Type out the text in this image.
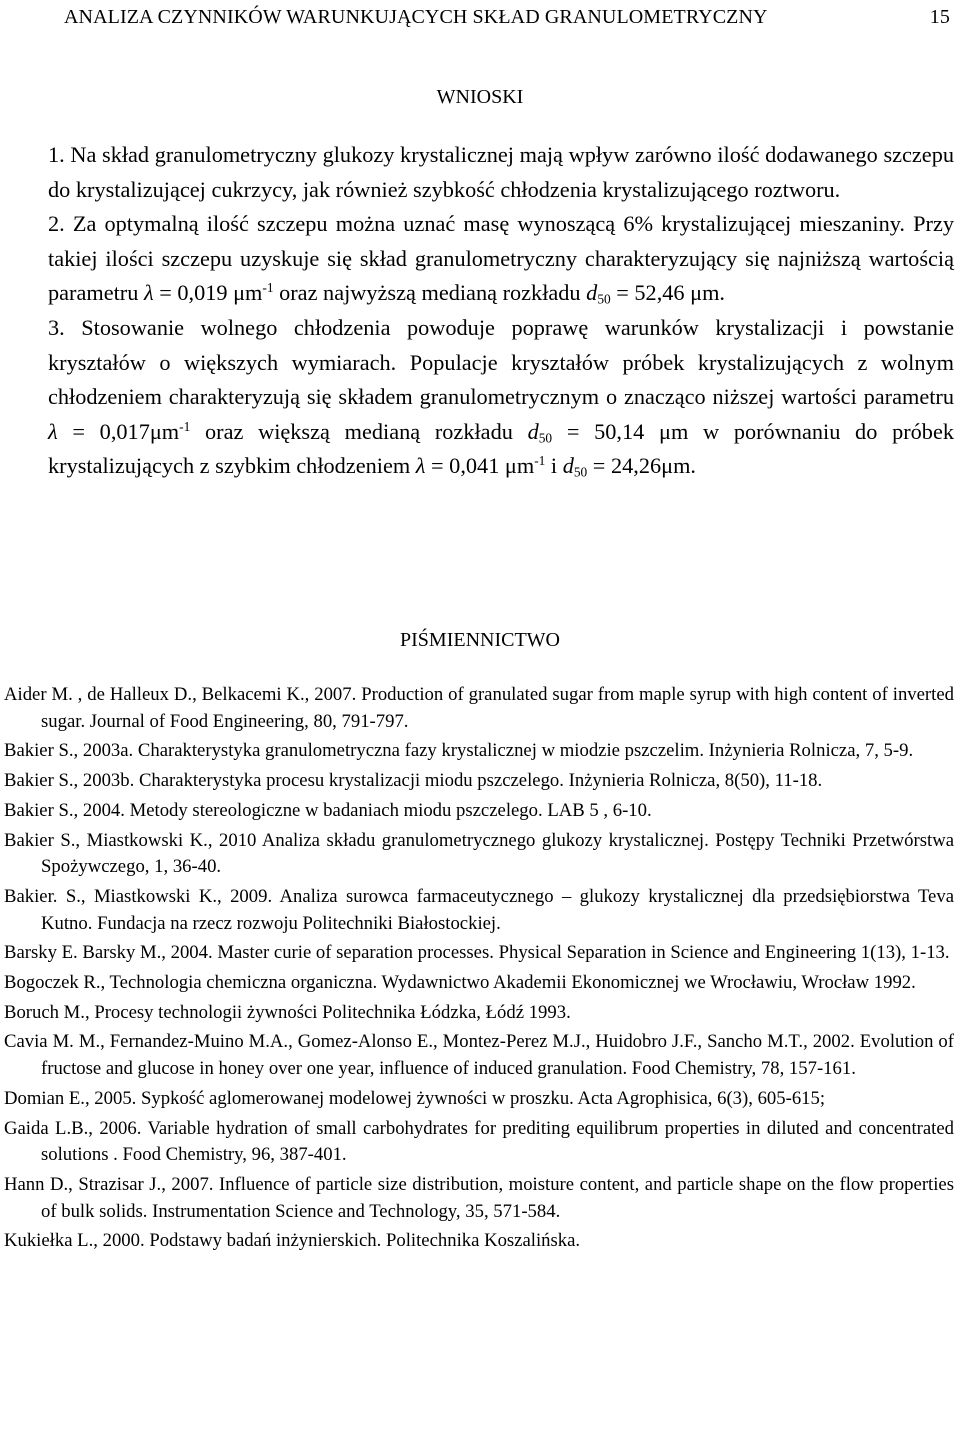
ANALIZA CZYNNIKÓW WARUNKUJĄCYCH SKŁAD GRANULOMETRYCZNY	15
WNIOSKI

1. Na skład granulometryczny glukozy krystalicznej mają wpływ zarówno ilość dodawanego szczepu do krystalizującej cukrzycy, jak również szybkość chłodzenia krystalizującego roztworu.

2. Za optymalną ilość szczepu można uznać masę wynoszącą 6% krystalizującej mieszaniny. Przy takiej ilości szczepu uzyskuje się skład granulometryczny charakteryzujący się najniższą wartością parametru λ = 0,019 $\mu m^{-1}$ oraz najwyższą medianą rozkładu $d_{50} = 52,46$ μm.

3. Stosowanie wolnego chłodzenia powoduje poprawę warunków krystalizacji i powstanie kryształów o większych wymiarach. Populacje kryształów próbek krystalizujących z wolnym chłodzeniem charakteryzują się składem granulometrycznym o znacząco niższej wartości parametru $\lambda = 0,017\mu m^{-1}$ oraz większą medianą rozkładu $d_{50} = 50,14$ μm w porównaniu do próbek krystalizujących z szybkim chłodzeniem λ = 0,041 $\mu m^{-1}$ i $d_{50} = 24,26\mu m$.

PIŚMIENNICTWO

Aider M. , de Halleux D., Belkacemi K., 2007. Production of granulated sugar from maple syrup with high content of inverted sugar. Journal of Food Engineering, 80, 791-797.

Bakier S., 2003a. Charakterystyka granulometryczna fazy krystalicznej w miodzie pszczelim. Inżynieria Rolnicza, 7, 5-9.

Bakier S., 2003b. Charakterystyka procesu krystalizacji miodu pszczelego. Inżynieria Rolnicza, 8(50), 11-18.

Bakier S., 2004. Metody stereologiczne w badaniach miodu pszczelego. LAB 5 , 6-10.

Bakier S., Miastkowski K., 2010 Analiza składu granulometrycznego glukozy krystalicznej. Postępy Techniki Przetwórstwa Spożywczego, 1, 36-40.

Bakier. S., Miastkowski K., 2009. Analiza surowca farmaceutycznego – glukozy krystalicznej dla przedsiębiorstwa Teva Kutno. Fundacja na rzecz rozwoju Politechniki Białostockiej.

Barsky E. Barsky M., 2004. Master curie of separation processes. Physical Separation in Science and Engineering 1(13), 1-13.

Bogoczek R., Technologia chemiczna organiczna. Wydawnictwo Akademii Ekonomicznej we Wrocławiu, Wrocław 1992.

Boruch M., Procesy technologii żywności Politechnika Łódzka, Łódź 1993.

Cavia M. M., Fernandez-Muino M.A., Gomez-Alonso E., Montez-Perez M.J., Huidobro J.F., Sancho M.T., 2002. Evolution of fructose and glucose in honey over one year, influence of induced granulation. Food Chemistry, 78, 157-161.

Domian E., 2005. Sypkość aglomerowanej modelowej żywności w proszku. Acta Agrophisica, 6(3), 605-615;

Gaida L.B., 2006. Variable hydration of small carbohydrates for prediting equilibrum properties in diluted and concentrated solutions . Food Chemistry, 96, 387-401.

Hann D., Strazisar J., 2007. Influence of particle size distribution, moisture content, and particle shape on the flow properties of bulk solids. Instrumentation Science and Technology, 35, 571-584.

Kukiełka L., 2000. Podstawy badań inżynierskich. Politechnika Koszalińska.
